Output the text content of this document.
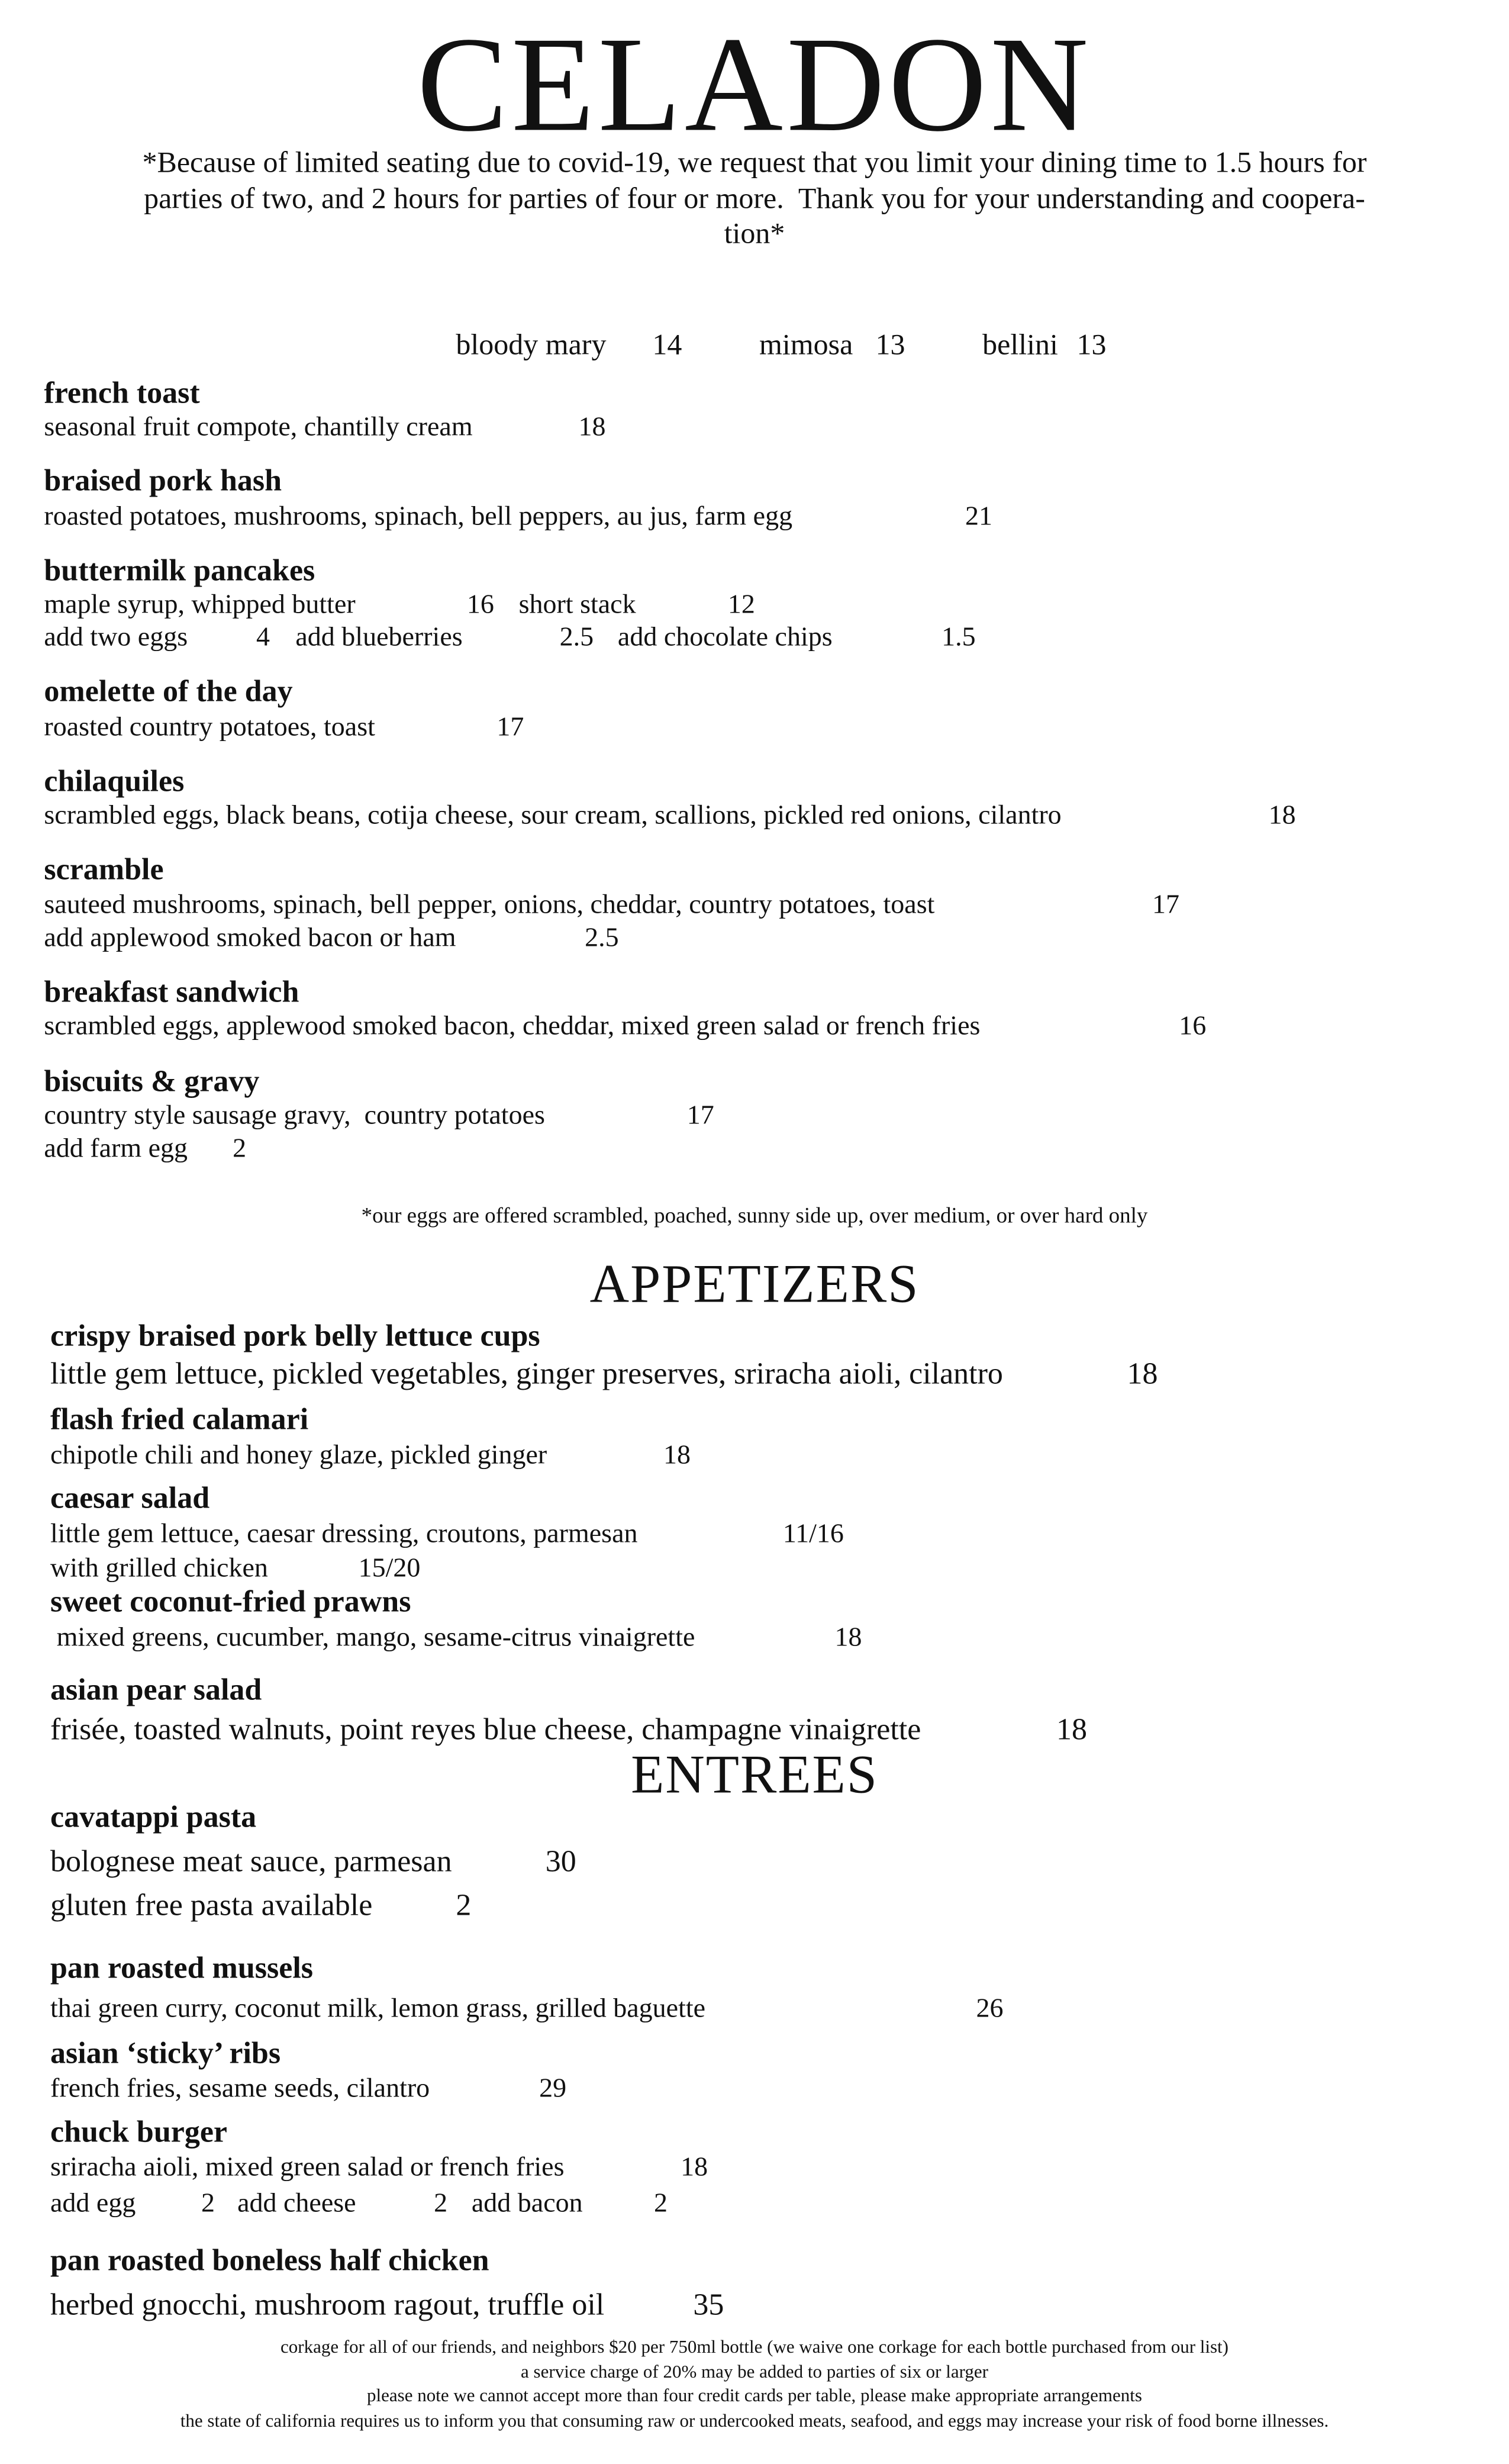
CELADON
*Because of limited seating due to covid-19, we request that you limit your dining time to 1.5 hours for
parties of two, and 2 hours for parties of four or more.  Thank you for your understanding and coopera-
tion*
bloody mary 14	mimosa 13	bellini 13
french toast
seasonal fruit compote, chantilly cream	18
braised pork hash
roasted potatoes, mushrooms, spinach, bell peppers, au jus, farm egg	21
buttermilk pancakes
maple syrup, whipped butter	16 short stack	12
add two eggs	4 add blueberries	2.5 add chocolate chips	1.5
omelette of the day
roasted country potatoes, toast	17
chilaquiles
scrambled eggs, black beans, cotija cheese, sour cream, scallions, pickled red onions, cilantro	18
scramble
sauteed mushrooms, spinach, bell pepper, onions, cheddar, country potatoes, toast	17
add applewood smoked bacon or ham	2.5
breakfast sandwich
scrambled eggs, applewood smoked bacon, cheddar, mixed green salad or french fries	16
biscuits & gravy
country style sausage gravy,  country potatoes	17
add farm egg 2
*our eggs are offered scrambled, poached, sunny side up, over medium, or over hard only
APPETIZERS
crispy braised pork belly lettuce cups
little gem lettuce, pickled vegetables, ginger preserves, sriracha aioli, cilantro	18
flash fried calamari
chipotle chili and honey glaze, pickled ginger	18
caesar salad
little gem lettuce, caesar dressing, croutons, parmesan	11/16
with grilled chicken	15/20
sweet coconut-fried prawns
mixed greens, cucumber, mango, sesame-citrus vinaigrette	18
asian pear salad
frisée, toasted walnuts, point reyes blue cheese, champagne vinaigrette	18
ENTREES
cavatappi pasta
bolognese meat sauce, parmesan	30
gluten free pasta available	2
pan roasted mussels
thai green curry, coconut milk, lemon grass, grilled baguette	26
asian ‘sticky’ ribs
french fries, sesame seeds, cilantro	29
chuck burger
sriracha aioli, mixed green salad or french fries	18
add egg 2 add cheese	2 add bacon	2
pan roasted boneless half chicken
herbed gnocchi, mushroom ragout, truffle oil	35
corkage for all of our friends, and neighbors $20 per 750ml bottle (we waive one corkage for each bottle purchased from our list)
a service charge of 20% may be added to parties of six or larger
please note we cannot accept more than four credit cards per table, please make appropriate arrangements
the state of california requires us to inform you that consuming raw or undercooked meats, seafood, and eggs may increase your risk of food borne illnesses.
